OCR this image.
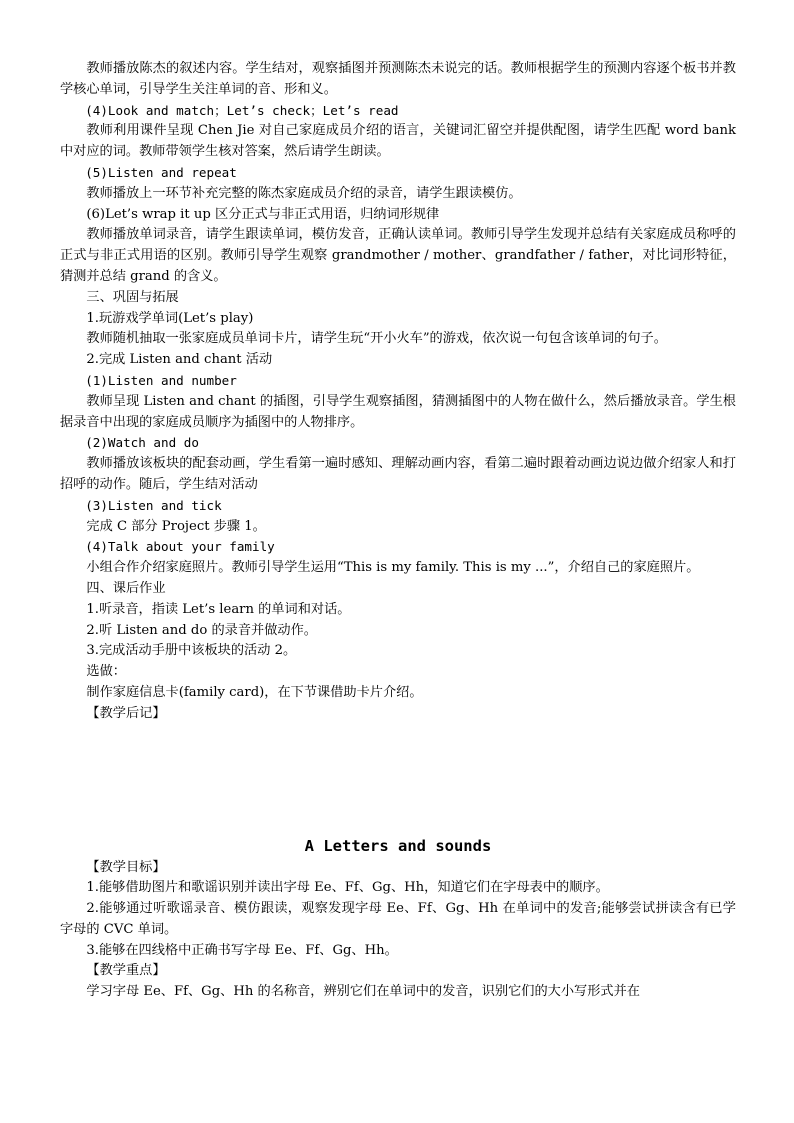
教师播放陈杰的叙述内容。学生结对，观察插图并预测陈杰未说完的话。教师根据学生的预测内容逐个板书并教学核心单词，引导学生关注单词的音、形和义。

(4)Look and match；Let’s check；Let’s read

教师利用课件呈现 Chen Jie 对自己家庭成员介绍的语言，关键词汇留空并提供配图，请学生匹配 word bank 中对应的词。教师带领学生核对答案，然后请学生朗读。

(5)Listen and repeat

教师播放上一环节补充完整的陈杰家庭成员介绍的录音，请学生跟读模仿。

(6)Let’s wrap it up 区分正式与非正式用语，归纳词形规律

教师播放单词录音，请学生跟读单词，模仿发音，正确认读单词。教师引导学生发现并总结有关家庭成员称呼的正式与非正式用语的区别。教师引导学生观察 grandmother / mother、grandfather / father，对比词形特征，猜测并总结 grand 的含义。

三、巩固与拓展

1.玩游戏学单词(Let’s play)

教师随机抽取一张家庭成员单词卡片，请学生玩“开小火车”的游戏，依次说一句包含该单词的句子。

2.完成 Listen and chant 活动

(1)Listen and number

教师呈现 Listen and chant 的插图，引导学生观察插图，猜测插图中的人物在做什么，然后播放录音。学生根据录音中出现的家庭成员顺序为插图中的人物排序。

(2)Watch and do

教师播放该板块的配套动画，学生看第一遍时感知、理解动画内容，看第二遍时跟着动画边说边做介绍家人和打招呼的动作。随后，学生结对活动

(3)Listen and tick

完成 C 部分 Project 步骤 1。

(4)Talk about your family

小组合作介绍家庭照片。教师引导学生运用“This is my family. This is my ...”，介绍自己的家庭照片。

四、课后作业

1.听录音，指读 Let’s learn 的单词和对话。

2.听 Listen and do 的录音并做动作。

3.完成活动手册中该板块的活动 2。

选做：

制作家庭信息卡(family card)，在下节课借助卡片介绍。

【教学后记】

A Letters and sounds

【教学目标】

1.能够借助图片和歌谣识别并读出字母 Ee、Ff、Gg、Hh，知道它们在字母表中的顺序。

2.能够通过听歌谣录音、模仿跟读，观察发现字母 Ee、Ff、Gg、Hh 在单词中的发音;能够尝试拼读含有已学字母的 CVC 单词。

3.能够在四线格中正确书写字母 Ee、Ff、Gg、Hh。

【教学重点】

学习字母 Ee、Ff、Gg、Hh 的名称音，辨别它们在单词中的发音，识别它们的大小写形式并在
